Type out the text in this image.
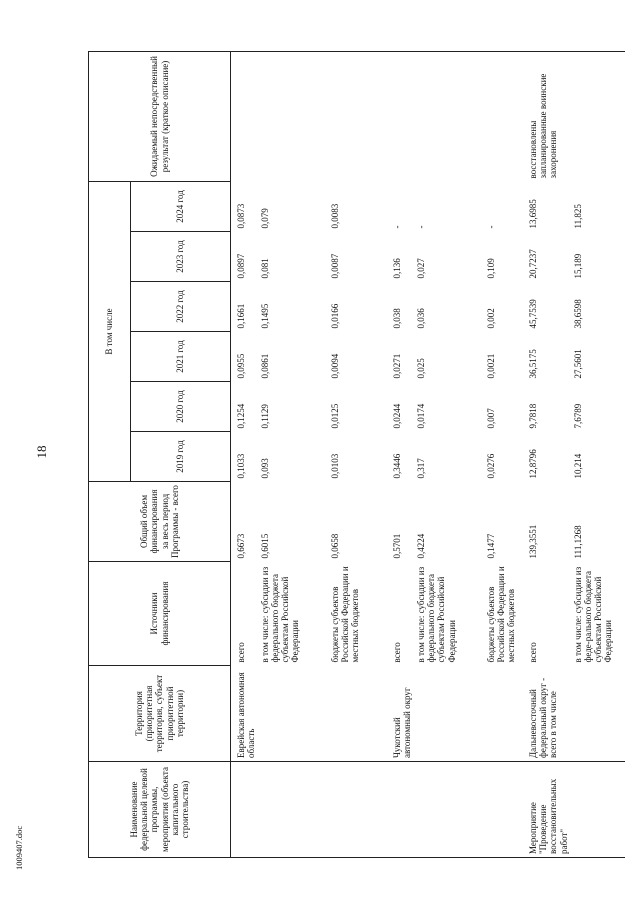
18
1009407.doc
Наименование федеральной целевой программы, мероприятия (объекта капитального строительства)	Территория (приоритетная территория, субъект приоритетной территории)	Источники финансирования	Общий объем финансирования за весь период Программы - всего	В том числе						Ожидаемый непосредственный результат (краткое описание)
				2019 год	2020 год	2021 год	2022 год	2023 год	2024 год	
	Еврейская автономная область	всего	0,6673	0,1033	0,1254	0,0955	0,1661	0,0897	0,0873	
		в том числе: субсидии из федерального бюджета субъектам Российской Федерации	0,6015	0,093	0,1129	0,0861	0,1495	0,081	0,079	
		бюджеты субъектов Российской Федерации и местных бюджетов	0,0658	0,0103	0,0125	0,0094	0,0166	0,0087	0,0083	
	Чукотский автономный округ	всего	0,5701	0,3446	0,0244	0,0271	0,038	0,136	-	
		в том числе: субсидии из федерального бюджета субъектам Российской Федерации	0,4224	0,317	0,0174	0,025	0,036	0,027	-	
		бюджеты субъектов Российской Федерации и местных бюджетов	0,1477	0,0276	0,007	0,0021	0,002	0,109	-	
Мероприятие "Проведение восстановительных работ"	Дальневосточный федеральный округ - всего в том числе	всего	139,3551	12,8796	9,7818	36,5175	45,7539	20,7237	13,6985	восстановлены запланированные воинские захоронения
		в том числе: субсидии из феде-рального бюджета субъектам Российской Федерации	111,1268	10,214	7,6789	27,5601	38,6598	15,189	11,825	
